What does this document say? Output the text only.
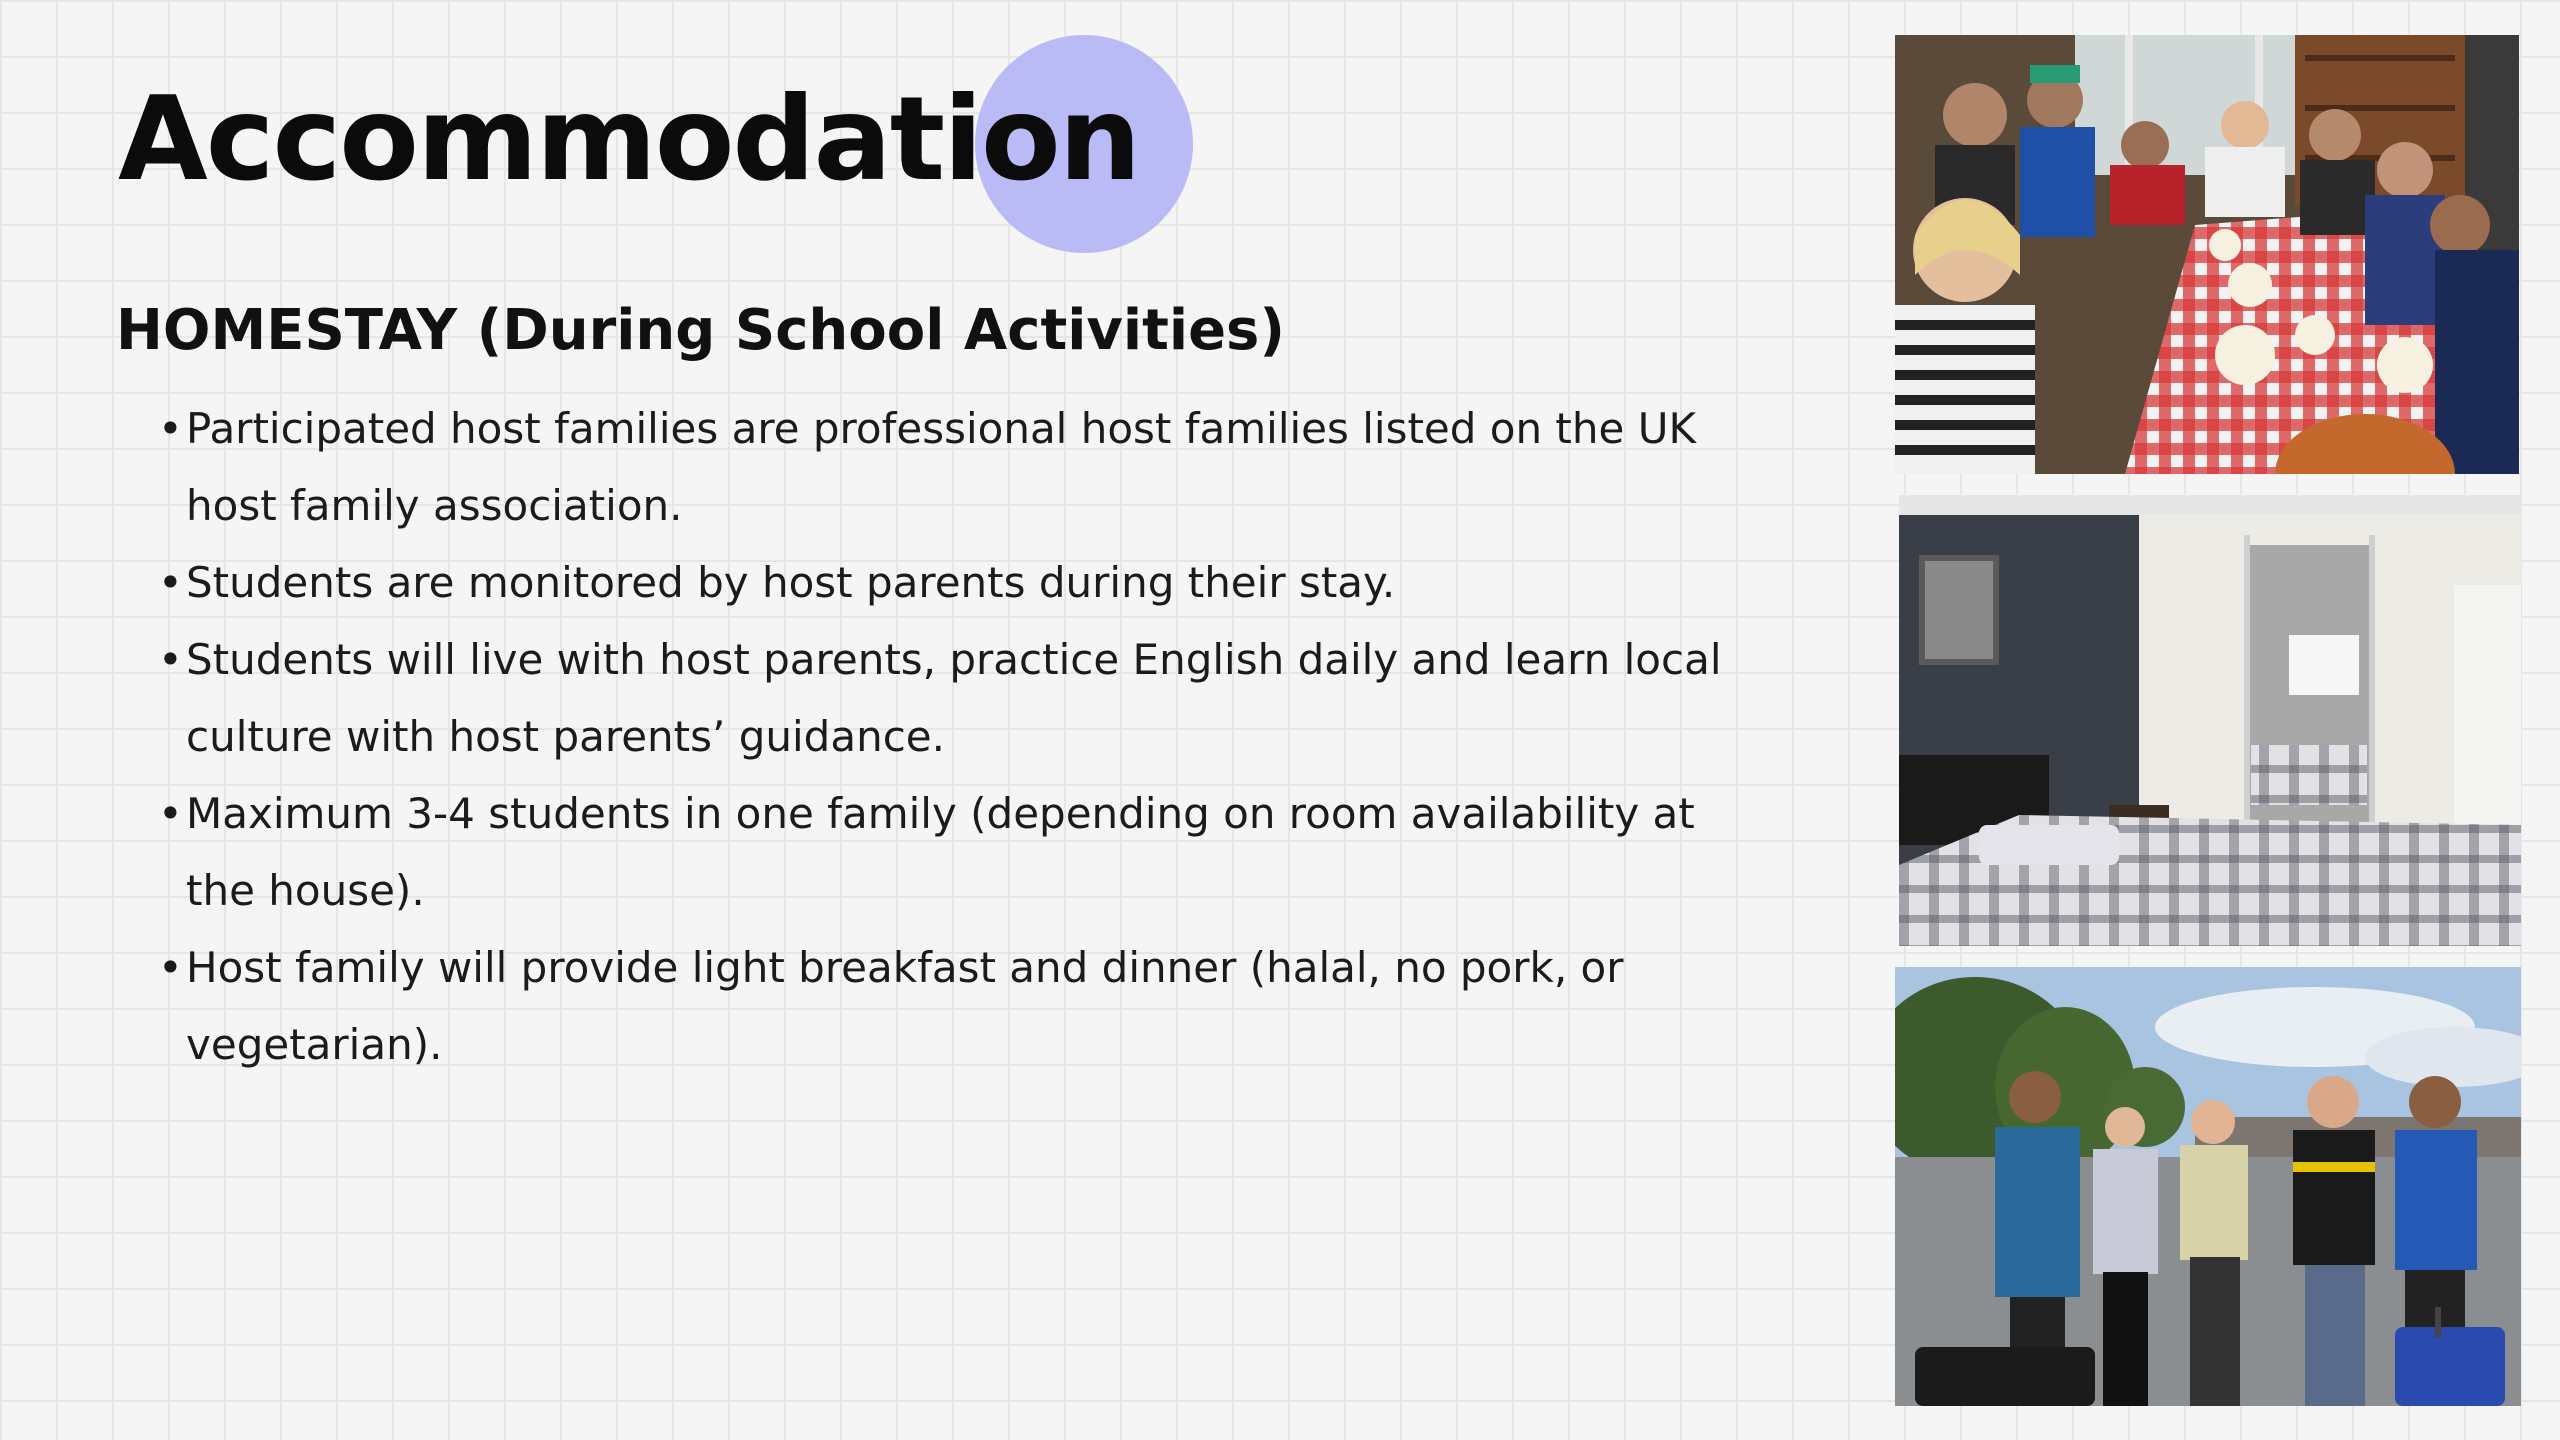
Accommodation
HOMESTAY (During School Activities)
• Participated host families are professional host families listed on the UK host family association.
• Students are monitored by host parents during their stay.
• Students will live with host parents, practice English daily and learn local culture with host parents’ guidance.
• Maximum 3-4 students in one family (depending on room availability at the house).
• Host family will provide light breakfast and dinner (halal, no pork, or vegetarian).
